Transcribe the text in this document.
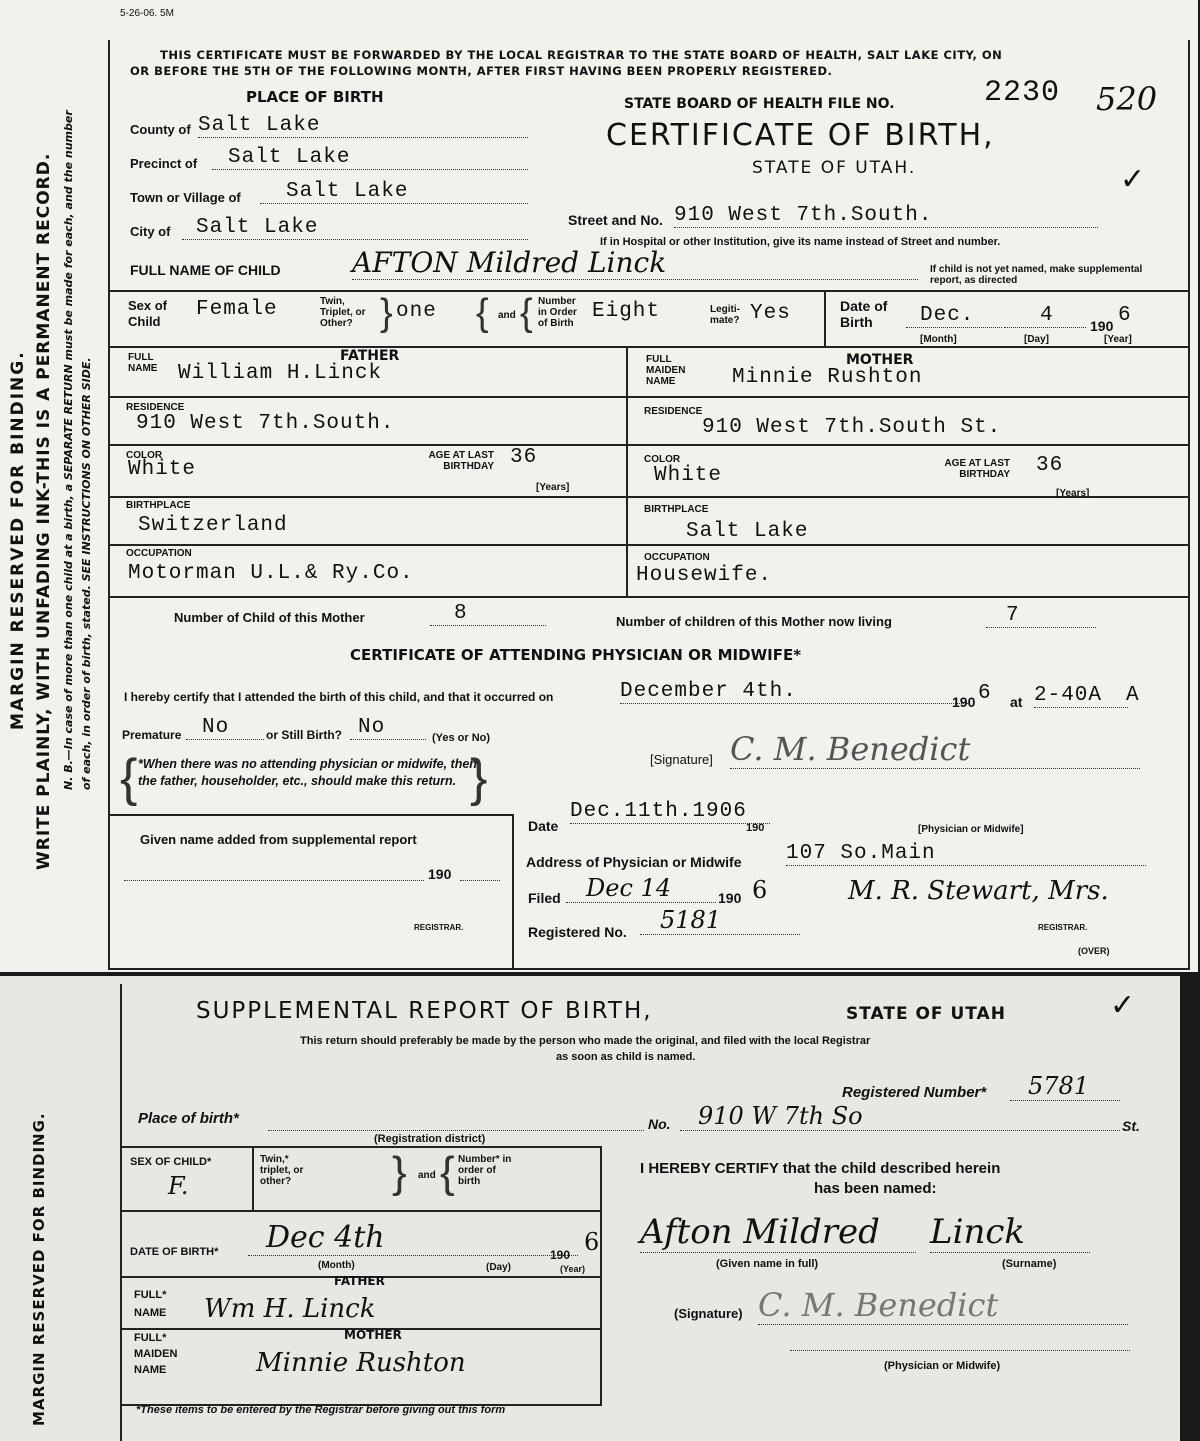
5-26-06. 5M
MARGIN RESERVED FOR BINDING. WRITE PLAINLY, WITH UNFADING INK-THIS IS A PERMANENT RECORD. N. B.—In case of more than one child at a birth, a SEPARATE RETURN must be made for each, and the number of each, in order of birth, stated. SEE INSTRUCTIONS ON OTHER SIDE.
THIS CERTIFICATE MUST BE FORWARDED BY THE LOCAL REGISTRAR TO THE STATE BOARD OF HEALTH, SALT LAKE CITY, ON
OR BEFORE THE 5TH OF THE FOLLOWING MONTH, AFTER FIRST HAVING BEEN PROPERLY REGISTERED.
PLACE OF BIRTH	STATE BOARD OF HEALTH FILE NO.	2230 520
CERTIFICATE OF BIRTH,
STATE OF UTAH.	✓
County of Salt Lake
Precinct of	Salt Lake
Town or Village of	Salt Lake
City of	Salt Lake	Street and No. 910 West 7th.South.
If in Hospital or other Institution, give its name instead of Street and number.
FULL NAME OF CHILD	AFTON Mildred Linck	If child is not yet named, make supplemental report, as directed
Sex of Child
Female	Twin, Triplet, or Other? } one { and { Number in Order of Birth
Eight	Legiti-mate? Yes	Date of Birth	Dec.	4	190 6
[Month]	[Day]	[Year]
FATHER
FULL NAME William H.Linck
RESIDENCE
910 West 7th.South.
COLOR
White
AGE AT LAST BIRTHDAY 36
[Years]
BIRTHPLACE
Switzerland
OCCUPATION
Motorman U.L.& Ry.Co.
MOTHER
FULL MAIDEN NAME	Minnie Rushton
RESIDENCE
910 West 7th.South St.
COLOR
White
AGE AT LAST BIRTHDAY 36
[Years]
BIRTHPLACE
Salt Lake
OCCUPATION
Housewife.
Number of Child of this Mother	8	Number of children of this Mother now living	7
CERTIFICATE OF ATTENDING PHYSICIAN OR MIDWIFE*
I hereby certify that I attended the birth of this child, and that it occurred on	December 4th.	190 6 at 2-40A	A
Premature No	or Still Birth? No	(Yes or No)
{ *When there was no attending physician or midwife, then the father, householder, etc., should make this return. }	[Signature] C. M. Benedict
[Physician or Midwife]
Given name added from supplemental report
190
REGISTRAR.
Date
Dec.11th.1906
190
Address of Physician or Midwife 107 So.Main
Filed	Dec 14	190 6
Registered No.	5181
M. R. Stewart, Mrs.
REGISTRAR.
(OVER)
MARGIN RESERVED FOR BINDING.
SUPPLEMENTAL REPORT OF BIRTH,	STATE OF UTAH	✓
This return should preferably be made by the person who made the original, and filed with the local Registrar
as soon as child is named.
Registered Number*	5781
Place of birth*
(Registration district)
No.	910 W 7th So	St.
SEX OF CHILD*
F.
Twin,* triplet, or other?	} and { Number* in order of birth
DATE OF BIRTH*	Dec 4th
(Month)	(Day)
190 6
(Year)
FATHER
FULL* NAME Wm H. Linck
MOTHER
FULL* MAIDEN NAME	Minnie Rushton
*These items to be entered by the Registrar before giving out this form
I HEREBY CERTIFY that the child described herein
has been named:
Afton Mildred	Linck
(Given name in full)	(Surname)
(Signature) C. M. Benedict
(Physician or Midwife)
